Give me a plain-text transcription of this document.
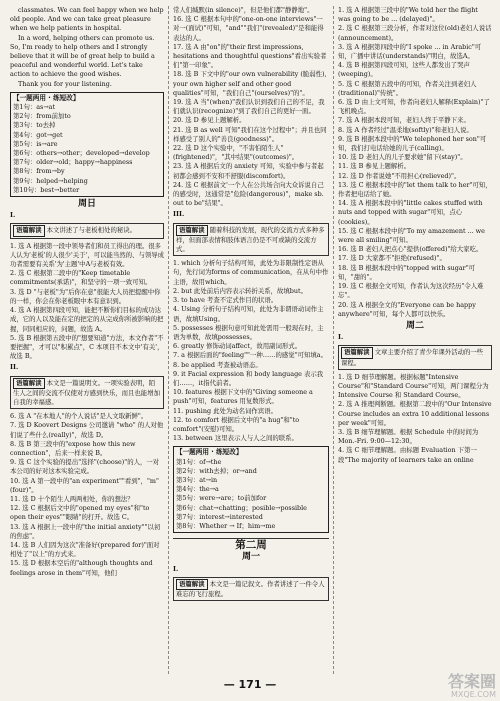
classmates. We can feel happy when we help old people. And we can take great pleasure when we help patients in hospital.

In a word, helping others can promote us. So, I'm ready to help others and I strongly believe that it will be of great help to build a peaceful and wonderful world. Let's take action to achieve the good wishes.

Thank you for your listening.

【一题两用 · 练短改】

第1句：as→at

第2句：from前加to

第3句：to去掉

第4句：got→get

第5句：is→are

第6句：others→other；developed→develop

第7句：older→old；happy→happiness

第8句：from→by

第9句：helped→helping

第10句：best→better

周日
I.
语篇解读 本文讲述了与老板相处的秘诀。

1. 选 A 根据第一段中领导者们和员工得出的理。很多人认为'老板'的人很少'关于'，可以能当然的、与领导成功者需要有关系'为'主题'中A与老板有效。

2. 选 C 根据第二段中的"Keep timetable commitments(承诺)"，和坚守的一项一致可知。

3. 选 D "与老板"为"后你在意"很能大人员把提醒中你的一样，你会在你老板眼中本有意识到。

4. 选 A 根据第四段可知，能把不断你们目标的成功达成，它的人以及能在定的把定的从完成你所被影响的把握，同同相应的，问题，故选 A。

5. 选 B 根据第五段中的"想要知道"方法，本文作者"不要把握"，才可以"积累点"，C 本项目不本文中'有关'，故选 B。

II.
语篇解读 本文是一篇说明文。一项实验表明，陌生人之间的交流不仅使对方感到快乐，而且也能增加自我的幸福感。

6. 选 A "在本地人"的个人说话"是人文取新鲜"。

7. 选 D Koovert Designs 公司邀请 "who" 的人对他们说了些什么(really)"，故选 D。

8. 选 B 第三段中的"expose how this new connection"，后来一样来说 B。

9. 选 C 这个实验的提出"选择"(choose)"的人，一对本公司的好对这本实验完成。

10. 选 A 第一段中的"an experiment""看到"，"m"(four)"。

11. 选 D 十个陌生人两两相处，你的想法？

12. 选 C 根据后文中的"opened my eyes"和"to open their eyes""眼睛"的打开。故选 C。

13. 选 A 根据上一段中的"the initial anxiety""以初的焦虑"。

14. 选 B 人们因为这次"准备好(prepared for)"面对相处了"以上"的方式来。

15. 选 D 根据本空后的"although thoughts and feelings arose in them"可知，他们

常人们缄默(in silence)"，但是他们都"静静地"。

16. 选 C 根据本句中的"one-on-one interviews"一对一(面试)"可知，"and""我们"(revealed)"是和能得表达的人。

17. 选 A 由"on"的"their first impressions, hesitations and thoughtful questions"看出实验者们"第一印象"。

18. 选 B 下文中的"our own vulnerability (脆弱性), your own higher self and other good qualities"可知，"我们自己"(ourselves)"的"。

19. 选 A 当"(when)"我们认识到我们自己的不足，我们就认识(recognize)"到了我们自己的更好一面。

20. 选 D 参见上题解析。

21. 选 B as well 可知"我们在这个过程中"；并且也同样感受了别人的"善良(goodness)"。

22. 选 D 这个实验中，"不害怕陌生人"(frightened)"，"其中结果"(outcomes)"。

23. 选 A 根据后文的 anxiety 可知，实验中参与者起初都会感到不安和不舒服(discomfort)。

24. 选 C 根据前文'一个人在公共场合向大众诉说自己的感受时，这通常是"危险(dangerous)"，make sb. out to be"结果"。

III.
语篇解读 随着科技的发展，现代的交流方式多种多样，但面部表情和肢体语言仍是不可或缺的交流方式。

1. which 分析句子结构可知，此处为非限制性定语从句，先行词为forms of communication，在从句中作主语，故用which。

2. but 此处前后内容表示转折关系，故填but。

3. to have 考查不定式作目的状语。

4. Using 分析句子结构可知，此处为非谓语动词作主语，故填Using。

5. possesses 根据句意可知此处需用一般现在时，主语为单数，故填possesses。

6. greatly 修饰动词affect，故用副词形式。

7. a 根据后面的"feeling""一种……的感觉"可知填a。

8. be applied 考查被动语态。

9. it Facial expression 和 body language 表示我们……，it指代前者。

10. features 根据下文中的"Giving someone a push"可知，features 用复数形式。

11. pushing 此处为动名词作宾语。

12. to comfort 根据后文中的"a hug"和"to comfort"(安慰)可知。

13. between 这里表示人与人之间的联系。

【一题两用 · 练短改】

第1句：of→the

第2句：with去掉；or→and

第3句：at→in

第4句：the→a

第5句：were→are；to前加for

第6句：chat→chatting；posible→possible

第7句：interest→interested

第8句：Whether → If；him→me

第二周
周一
I.
语篇解读 本文是一篇记叙文。作者讲述了一件令人难忘的飞行旅程。

1. 选 A 根据第三段中的"We told her the flight was going to be ... (delayed)"。

2. 选 C 根据第三段分析，作者对这位(old)老妇人说话(announcement)。

3. 选 A 根据第四段中的"I spoke ... in Arabic"可知，广播中讲话(understands)"明白，故选A。

4. 选 B 根据第四段可知，这些人都发出了哭声(weeping)。

5. 选 C 根据第五段中的可知，作者关注到老妇人(traditional)"传统"。

6. 选 D 由上文可知，作者向老妇人解释(Explain)"了飞机晚点。

7. 选 A 根据本段可知，老妇人终于平静下来。

8. 选 A 作者经过"温柔地(softly)"和老妇人说。

9. 选 B 根据本段中的"We telephoned her son"可知，我们打电话给她的儿子(calling)。

10. 选 D 老妇人的儿子要求她"留下(stay)"。

11. 选 B 参见上题解析。

12. 选 D 作者说她"不用担心(relieved)"。

13. 选 C 根据本段中的"let them talk to her"可知，作者把电话给了她。

14. 选 A 根据本段中的"little cakes stuffed with nuts and topped with sugar"可知，点心(cookies)。

15. 选 C 根据本段中的"To my amazement ... we were all smiling"可知。

16. 选 B 老妇人把点心"提供(offered)"给大家吃。

17. 选 D 大家都不"拒绝(refused)"。

18. 选 B 根据本段中的"topped with sugar"可知，"甜的"。

19. 选 C 根据全文可知，作者认为这次经历"令人难忘"。

20. 选 A 根据全文的"Everyone can be happy anywhere"可知，每个人都可以快乐。

周二
I.
语篇解读 文章主要介绍了青少年课外活动的一些课程。

1. 选 D 细节理解题。根据标题"Intensive Course"和"Standard Course"可知，两门课程分为 Intensive Course 和 Standard Course。

2. 选 A 推理判断题。根据第二段中的"Our Intensive Course includes an extra 10 additional lessons per week"可知。

3. 选 B 细节理解题。根据 Schedule 中的时间为 Mon.-Fri. 9:00—12:30。

4. 选 C 细节理解题。由标题 Evaluation 下第一段"The majority of learners take an online

— 171 —	答案圈
MXQE.COM
